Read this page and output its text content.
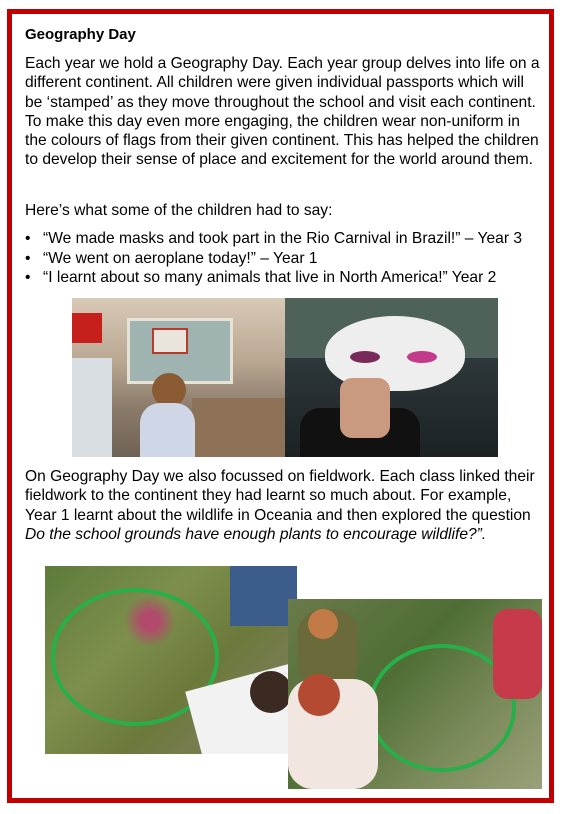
Geography Day

Each year we hold a Geography Day. Each year group delves into life on a different continent. All children were given individual passports which will be ‘stamped’ as they move throughout the school and visit each continent. To make this day even more engaging, the children wear non-uniform in the colours of flags from their given continent. This has helped the children to develop their sense of place and excitement for the world around them.

Here’s what some of the children had to say:

• “We made masks and took part in the Rio Carnival in Brazil!” – Year 3
• “We went on aeroplane today!” – Year 1
• “I learnt about so many animals that live in North America!” Year 2

On Geography Day we also focussed on fieldwork. Each class linked their fieldwork to the continent they had learnt so much about. For example, Year 1 learnt about the wildlife in Oceania and then explored the question Do the school grounds have enough plants to encourage wildlife?”.
